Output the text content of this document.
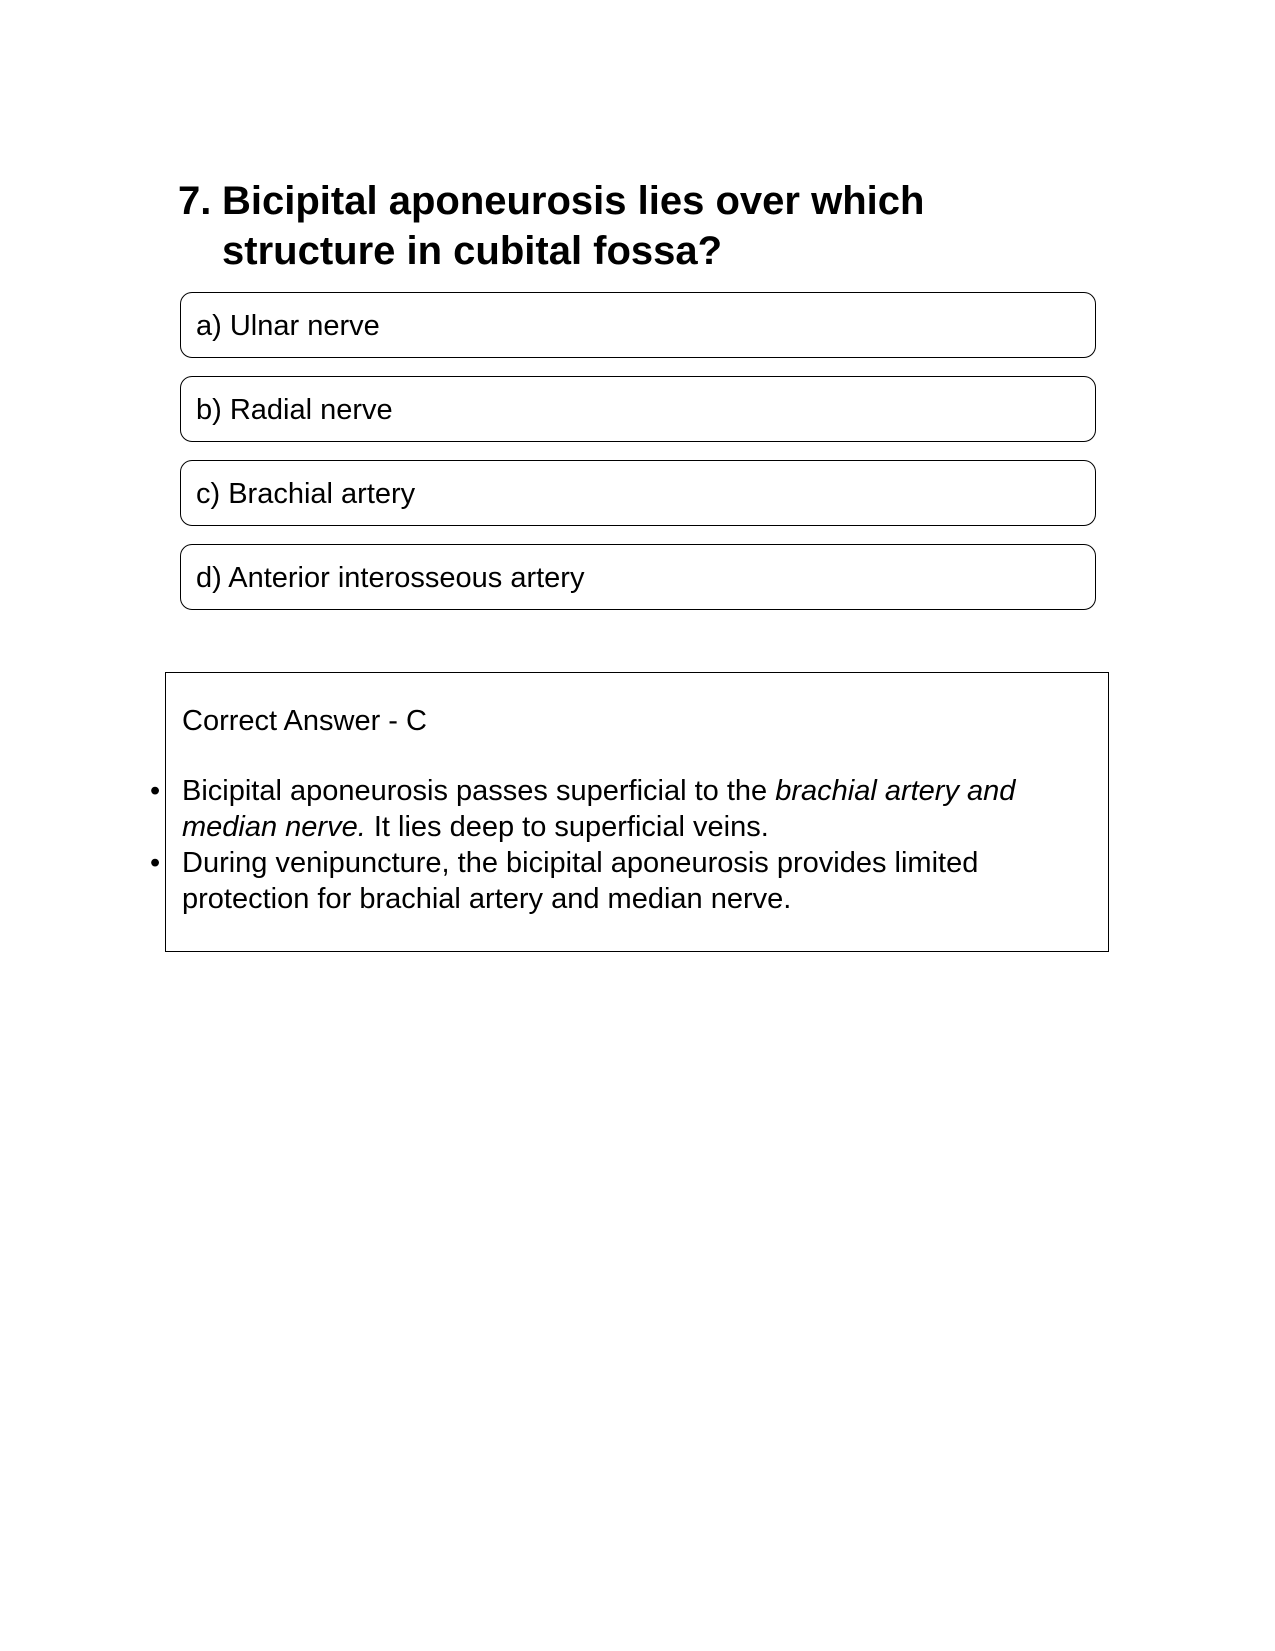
7. Bicipital aponeurosis lies over which
structure in cubital fossa?
a) Ulnar nerve
b) Radial nerve
c) Brachial artery
d) Anterior interosseous artery
Correct Answer - C
• Bicipital aponeurosis passes superficial to the brachial artery and
median nerve. It lies deep to superficial veins.
• During venipuncture, the bicipital aponeurosis provides limited
protection for brachial artery and median nerve.
